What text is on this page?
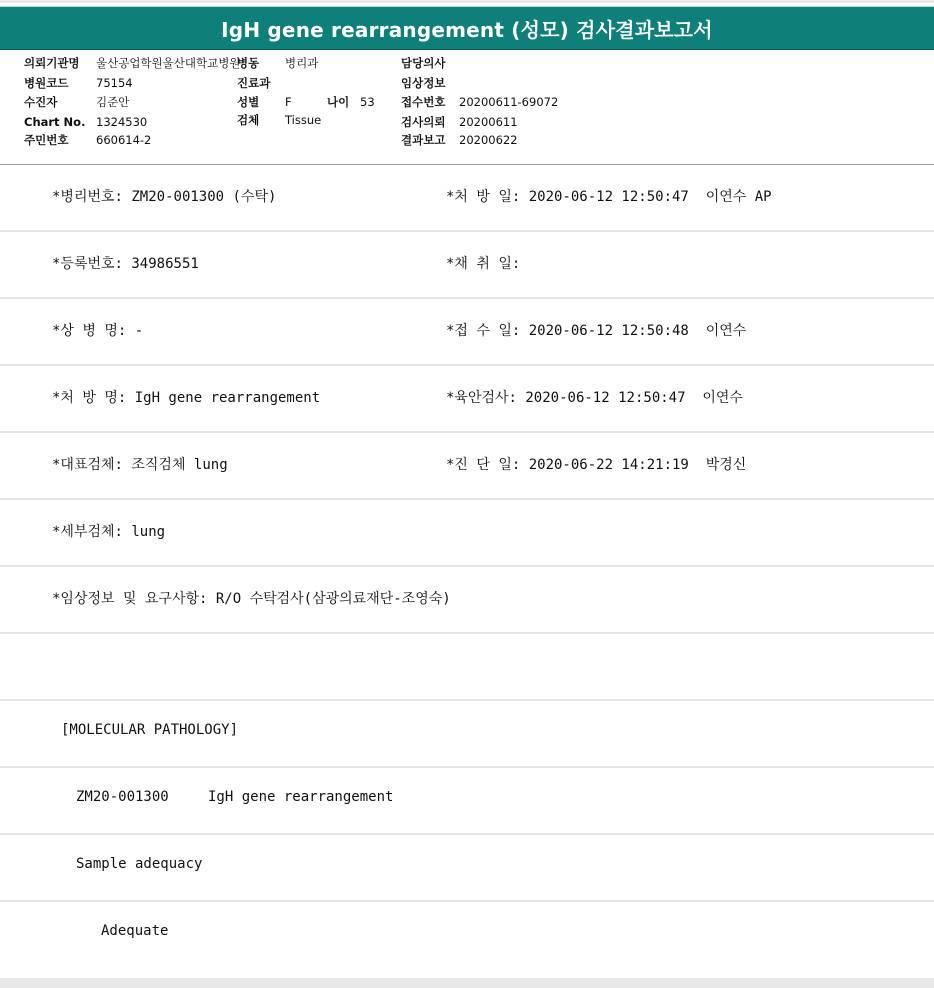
IgH gene rearrangement (성모) 검사결과보고서
의뢰기관명 울산공업학원울산대학교병원
병원코드 75154
수진자	김준안
Chart No. 1324530
주민번호 660614-2
병동 병리과
진료과
성별 F	나이 53
검체 Tissue
담당의사
임상정보
접수번호 20200611-69072
검사의뢰 20200611
결과보고 20200622
*병리번호: ZM20-001300 (수탁)	*처 방 일: 2020-06-12 12:50:47  이연수 AP
*등록번호: 34986551	*채 취 일:
*상 병 명: -	*접 수 일: 2020-06-12 12:50:48  이연수
*처 방 명: IgH gene rearrangement	*육안검사: 2020-06-12 12:50:47  이연수
*대표검체: 조직검체 lung	*진 단 일: 2020-06-22 14:21:19  박경신
*세부검체: lung
*임상정보 및 요구사항: R/O 수탁검사(삼광의료재단-조영숙)
[MOLECULAR PATHOLOGY]
ZM20-001300	IgH gene rearrangement
Sample adequacy
Adequate
